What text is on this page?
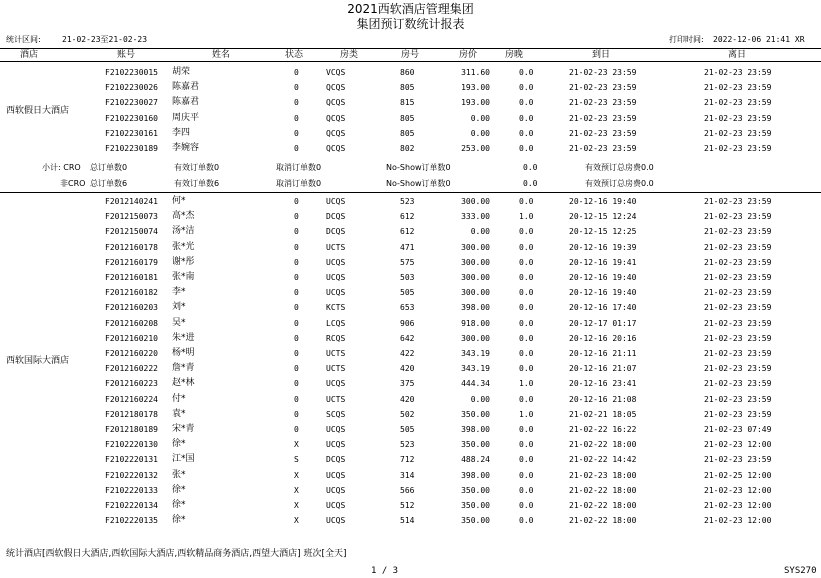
2021西软酒店管理集团
集团预订数统计报表
统计区间:	21-02-23至21-02-23	打印时间: 2022-12-06 21:41 XR
酒店	账号	姓名	状态	房类	房号	房价	房晚	到日	离日
西软假日大酒店
F2102230015 胡荣	0	VCQS	860	311.60	0.0	21-02-23 23:59	21-02-23 23:59
F2102230026 陈嘉君	0	QCQS	805	193.00	0.0	21-02-23 23:59	21-02-23 23:59
F2102230027 陈嘉君	0	QCQS	815	193.00	0.0	21-02-23 23:59	21-02-23 23:59
F2102230160 周庆平	0	QCQS	805	0.00	0.0	21-02-23 23:59	21-02-23 23:59
F2102230161 李四	0	QCQS	805	0.00	0.0	21-02-23 23:59	21-02-23 23:59
F2102230189 李婉容	0	QCQS	802	253.00	0.0	21-02-23 23:59	21-02-23 23:59
小计: CRO 总订单数0	有效订单数0	取消订单数0	No-Show订单数0	0.0	有效预订总房费0.0
非CRO 总订单数6	有效订单数6	取消订单数0	No-Show订单数0	0.0	有效预订总房费0.0
西软国际大酒店
F2012140241 何*	0	UCQS	523	300.00	0.0	20-12-16 19:40	21-02-23 23:59
F2012150073 高*杰	0	DCQS	612	333.00	1.0	20-12-15 12:24	21-02-23 23:59
F2012150074 汤*洁	0	DCQS	612	0.00	0.0	20-12-15 12:25	21-02-23 23:59
F2012160178 张*光	0	UCTS	471	300.00	0.0	20-12-16 19:39	21-02-23 23:59
F2012160179 谢*彤	0	UCQS	575	300.00	0.0	20-12-16 19:41	21-02-23 23:59
F2012160181 张*南	0	UCQS	503	300.00	0.0	20-12-16 19:40	21-02-23 23:59
F2012160182 李*	0	UCQS	505	300.00	0.0	20-12-16 19:40	21-02-23 23:59
F2012160203 刘*	0	KCTS	653	398.00	0.0	20-12-16 17:40	21-02-23 23:59
F2012160208 吴*	0	LCQS	906	918.00	0.0	20-12-17 01:17	21-02-23 23:59
F2012160210 朱*进	0	RCQS	642	300.00	0.0	20-12-16 20:16	21-02-23 23:59
F2012160220 杨*明	0	UCTS	422	343.19	0.0	20-12-16 21:11	21-02-23 23:59
F2012160222 詹*青	0	UCTS	420	343.19	0.0	20-12-16 21:07	21-02-23 23:59
F2012160223 赵*林	0	UCQS	375	444.34	1.0	20-12-16 23:41	21-02-23 23:59
F2012160224 付*	0	UCTS	420	0.00	0.0	20-12-16 21:08	21-02-23 23:59
F2012180178 袁*	0	SCQS	502	350.00	1.0	21-02-21 18:05	21-02-23 23:59
F2012180189 宋*青	0	UCQS	505	398.00	0.0	21-02-22 16:22	21-02-23 07:49
F2102220130 徐*	X	UCQS	523	350.00	0.0	21-02-22 18:00	21-02-23 12:00
F2102220131 江*国	S	DCQS	712	488.24	0.0	21-02-22 14:42	21-02-23 23:59
F2102220132 张*	X	UCQS	314	398.00	0.0	21-02-23 18:00	21-02-25 12:00
F2102220133 徐*	X	UCQS	566	350.00	0.0	21-02-22 18:00	21-02-23 12:00
F2102220134 徐*	X	UCQS	512	350.00	0.0	21-02-22 18:00	21-02-23 12:00
F2102220135 徐*	X	UCQS	514	350.00	0.0	21-02-22 18:00	21-02-23 12:00
统计酒店[西软假日大酒店,西软国际大酒店,西软精品商务酒店,西望大酒店] 班次[全天]
1 / 3	SYS270
